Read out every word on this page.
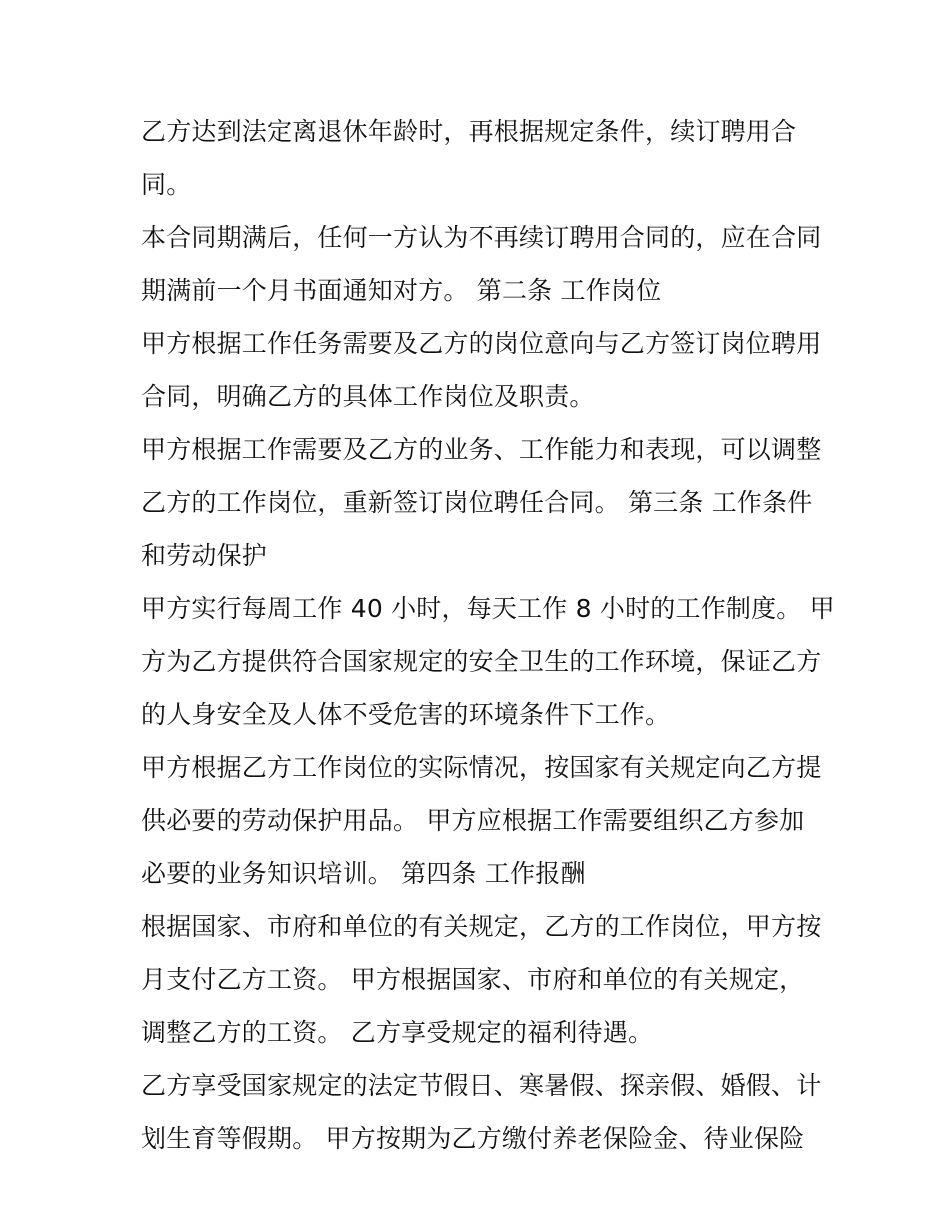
乙方达到法定离退休年龄时，再根据规定条件，续订聘用合
同。
本合同期满后，任何一方认为不再续订聘用合同的，应在合同
期满前一个月书面通知对方。 第二条 工作岗位
甲方根据工作任务需要及乙方的岗位意向与乙方签订岗位聘用
合同，明确乙方的具体工作岗位及职责。
甲方根据工作需要及乙方的业务、工作能力和表现，可以调整
乙方的工作岗位，重新签订岗位聘任合同。 第三条 工作条件
和劳动保护
甲方实行每周工作 40 小时，每天工作 8 小时的工作制度。 甲
方为乙方提供符合国家规定的安全卫生的工作环境，保证乙方
的人身安全及人体不受危害的环境条件下工作。
甲方根据乙方工作岗位的实际情况，按国家有关规定向乙方提
供必要的劳动保护用品。 甲方应根据工作需要组织乙方参加
必要的业务知识培训。 第四条 工作报酬
根据国家、市府和单位的有关规定，乙方的工作岗位，甲方按
月支付乙方工资。 甲方根据国家、市府和单位的有关规定，
调整乙方的工资。 乙方享受规定的福利待遇。
乙方享受国家规定的法定节假日、寒暑假、探亲假、婚假、计
划生育等假期。 甲方按期为乙方缴付养老保险金、待业保险
